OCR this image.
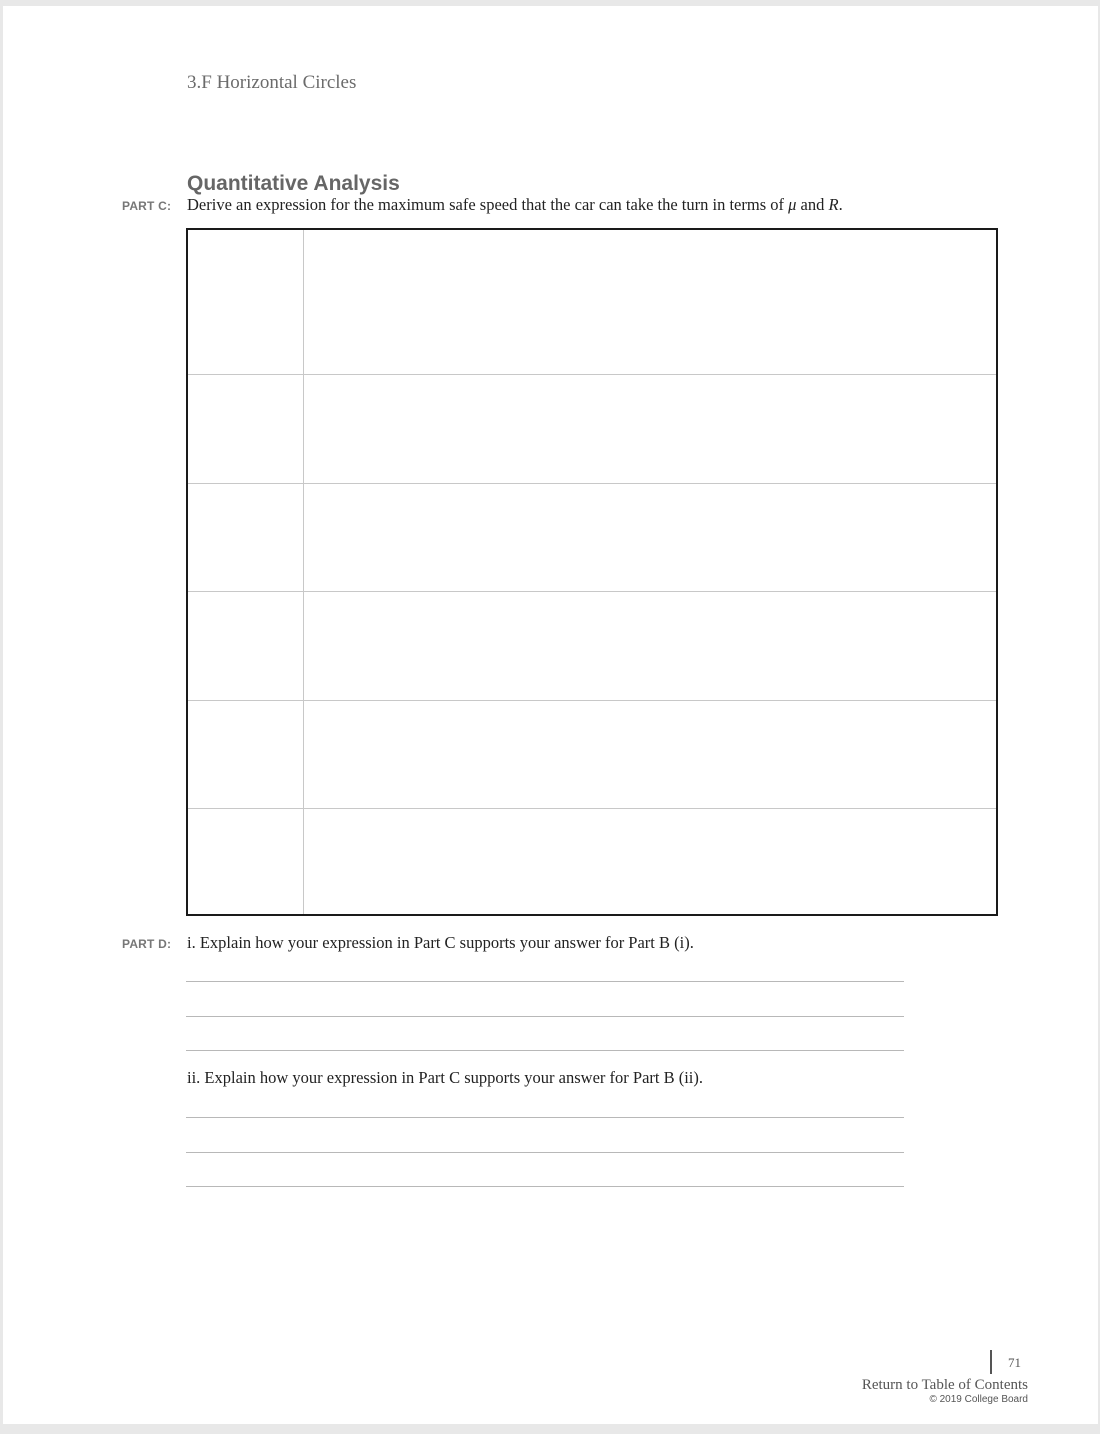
3.F Horizontal Circles
Quantitative Analysis
PART C: Derive an expression for the maximum safe speed that the car can take the turn in terms of μ and R.
PART D: i. Explain how your expression in Part C supports your answer for Part B (i).
ii. Explain how your expression in Part C supports your answer for Part B (ii).
71
Return to Table of Contents
© 2019 College Board
